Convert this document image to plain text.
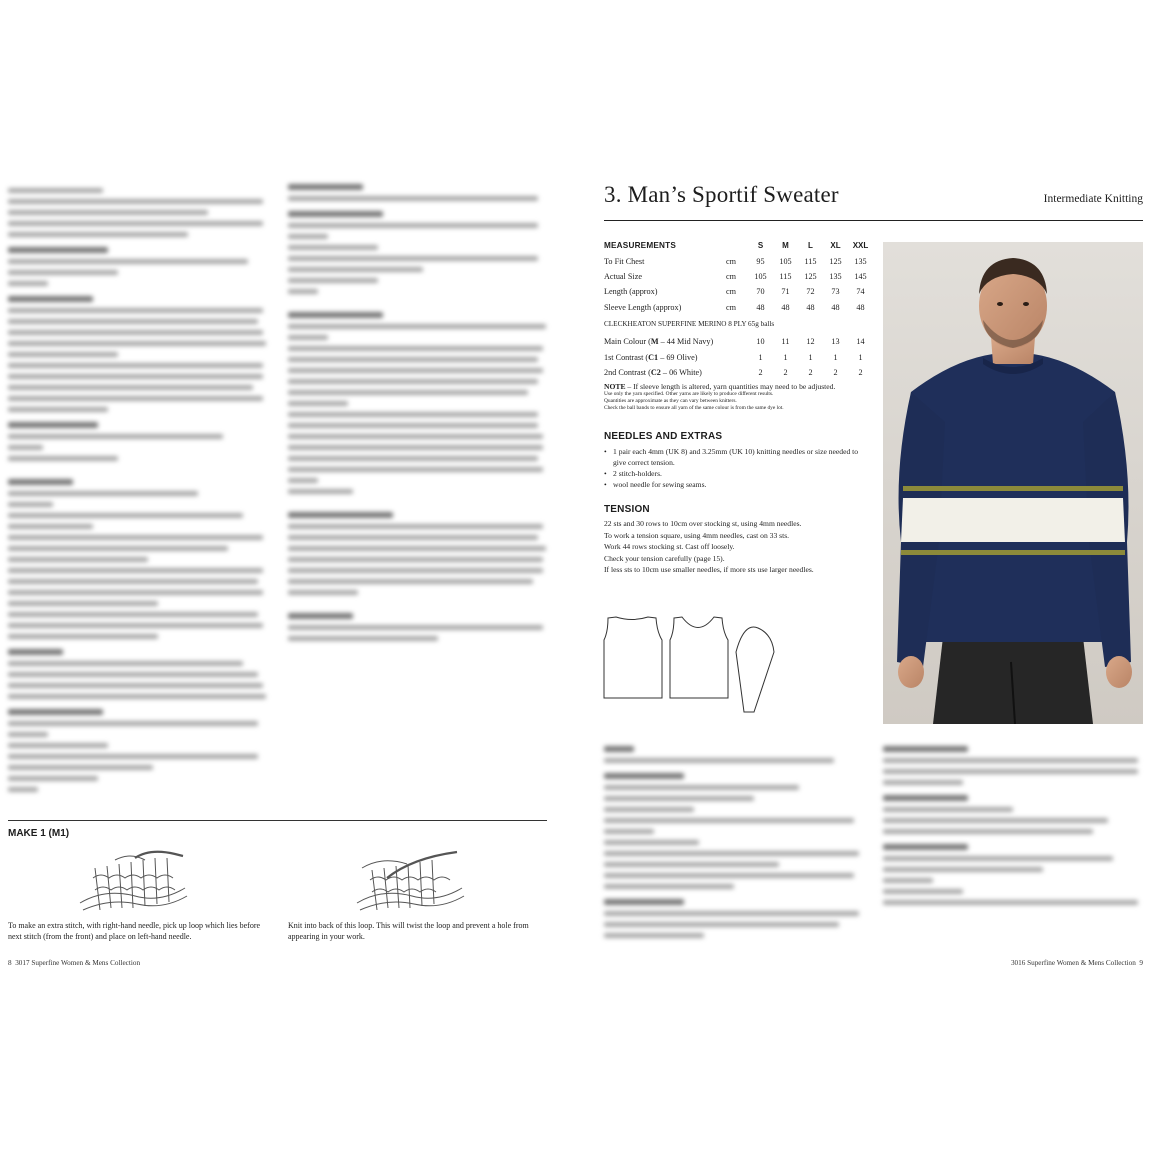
MAKE 1 (M1)
To make an extra stitch, with right-hand needle, pick up loop which lies before next stitch (from the front) and place on left-hand needle.
Knit into back of this loop. This will twist the loop and prevent a hole from appearing in your work.
8 3017 Superfine Women & Mens Collection	3016 Superfine Women & Mens Collection 9
3. Man’s Sportif Sweater	Intermediate Knitting
MEASUREMENTS		S	M	L	XL	XXL
To Fit Chest	cm	95	105	115	125	135
Actual Size	cm	105	115	125	135	145
Length (approx)	cm	70	71	72	73	74
Sleeve Length (approx)	cm	48	48	48	48	48
CLECKHEATON SUPERFINE MERINO 8 PLY 65g balls						
Main Colour (M – 44 Mid Navy)		10	11	12	13	14
1st Contrast (C1 – 69 Olive)		1	1	1	1	1
2nd Contrast (C2 – 06 White)		2	2	2	2	2
NOTE – If sleeve length is altered, yarn quantities may need to be adjusted.
Use only the yarn specified. Other yarns are likely to produce different results.
Quantities are approximate as they can vary between knitters.
Check the ball bands to ensure all yarn of the same colour is from the same dye lot.
NEEDLES AND EXTRAS
• 1 pair each 4mm (UK 8) and 3.25mm (UK 10) knitting needles or size needed to give correct tension.
• 2 stitch-holders.
• wool needle for sewing seams.
TENSION
22 sts and 30 rows to 10cm over stocking st, using 4mm needles.
To work a tension square, using 4mm needles, cast on 33 sts.
Work 44 rows stocking st. Cast off loosely.
Check your tension carefully (page 15).
If less sts to 10cm use smaller needles, if more sts use larger needles.
